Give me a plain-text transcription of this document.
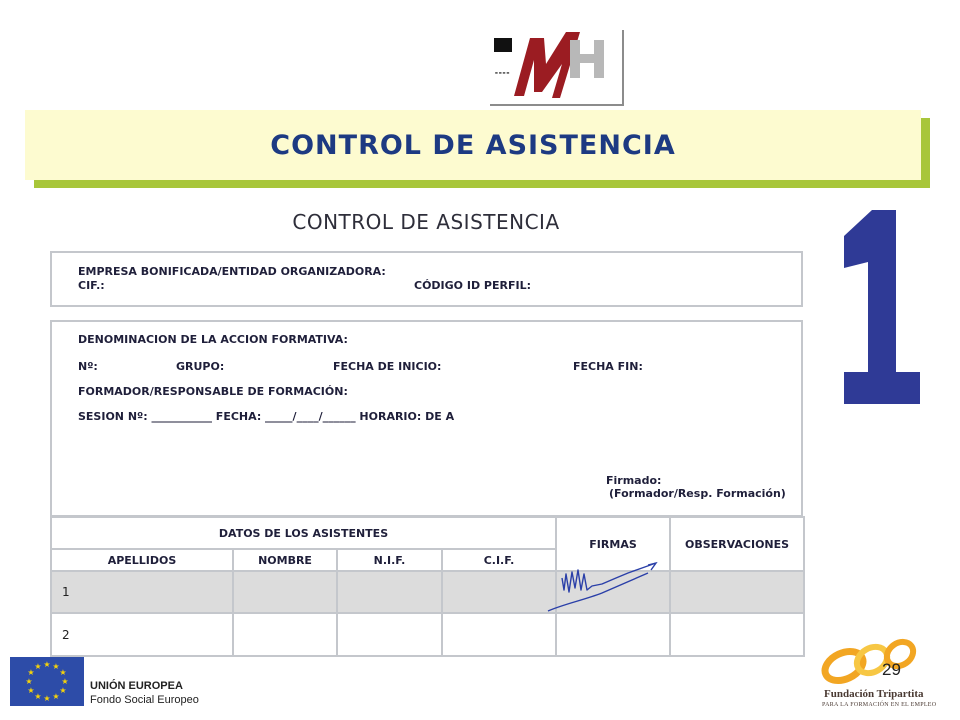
----
CONTROL DE ASISTENCIA
CONTROL DE ASISTENCIA
EMPRESA BONIFICADA/ENTIDAD ORGANIZADORA:
CIF.:	CÓDIGO ID PERFIL:
DENOMINACION DE LA ACCION FORMATIVA:
Nº:	GRUPO:	FECHA DE INICIO:	FECHA FIN:
FORMADOR/RESPONSABLE DE FORMACIÓN:
SESION Nº: ___________ FECHA: _____/____/______ HORARIO: DE A
Firmado:
(Formador/Resp. Formación)
DATOS DE LOS ASISTENTES				FIRMAS	OBSERVACIONES
APELLIDOS	NOMBRE	N.I.F.	C.I.F.		
1					
2					
★ ★
★
★
★
★
★
★
★
★
★
★
UNIÓN EUROPEA
Fondo Social Europeo	Fundación Tripartita
PARA LA FORMACIÓN EN EL EMPLEO
29
